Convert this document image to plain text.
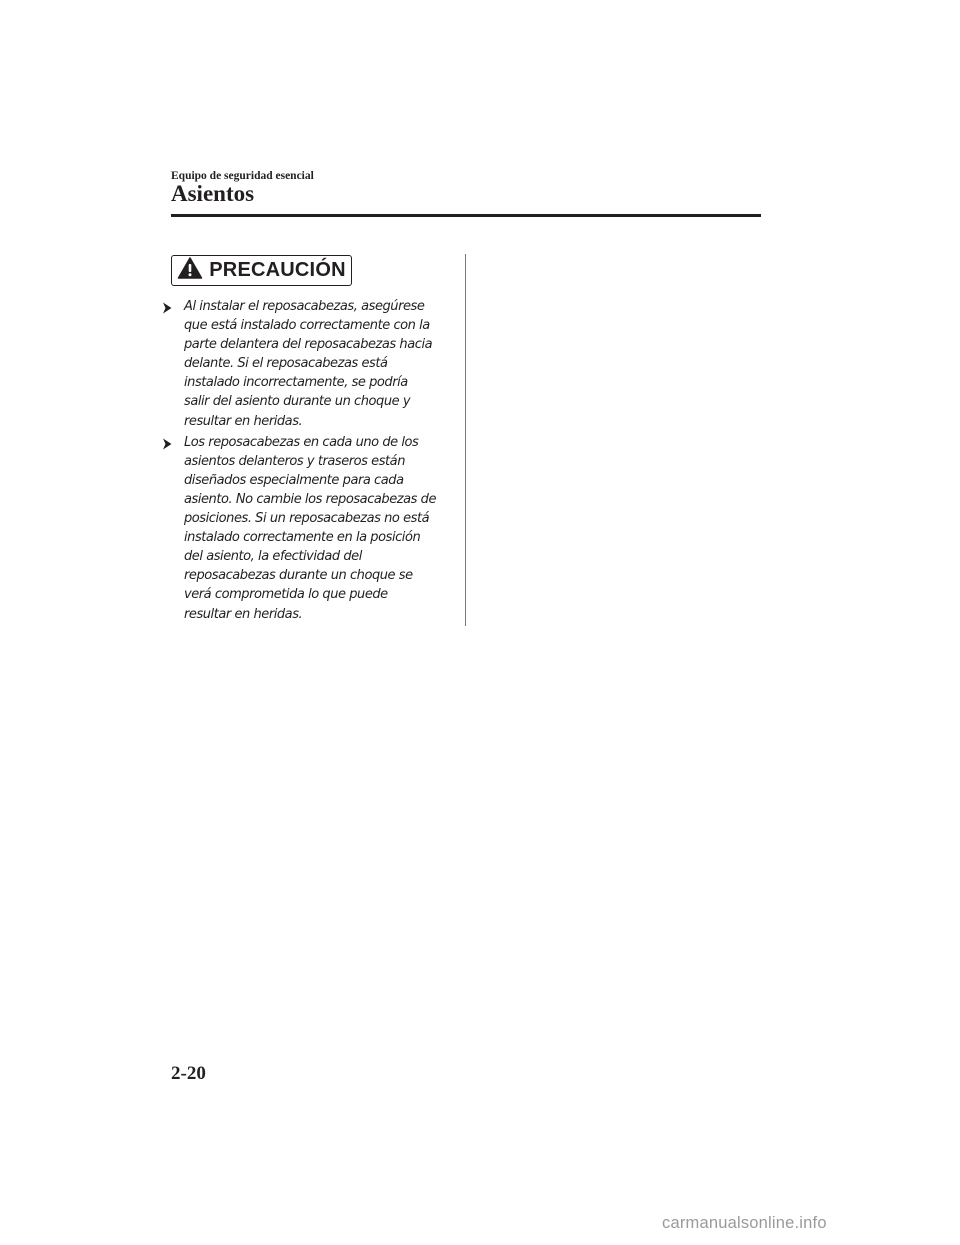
Equipo de seguridad esencial
Asientos
PRECAUCIÓN
Al instalar el reposacabezas, asegúrese
que está instalado correctamente con la
parte delantera del reposacabezas hacia
delante. Si el reposacabezas está
instalado incorrectamente, se podría
salir del asiento durante un choque y
resultar en heridas.
Los reposacabezas en cada uno de los
asientos delanteros y traseros están
diseñados especialmente para cada
asiento. No cambie los reposacabezas de
posiciones. Si un reposacabezas no está
instalado correctamente en la posición
del asiento, la efectividad del
reposacabezas durante un choque se
verá comprometida lo que puede
resultar en heridas.
2-20
carmanualsonline.info
